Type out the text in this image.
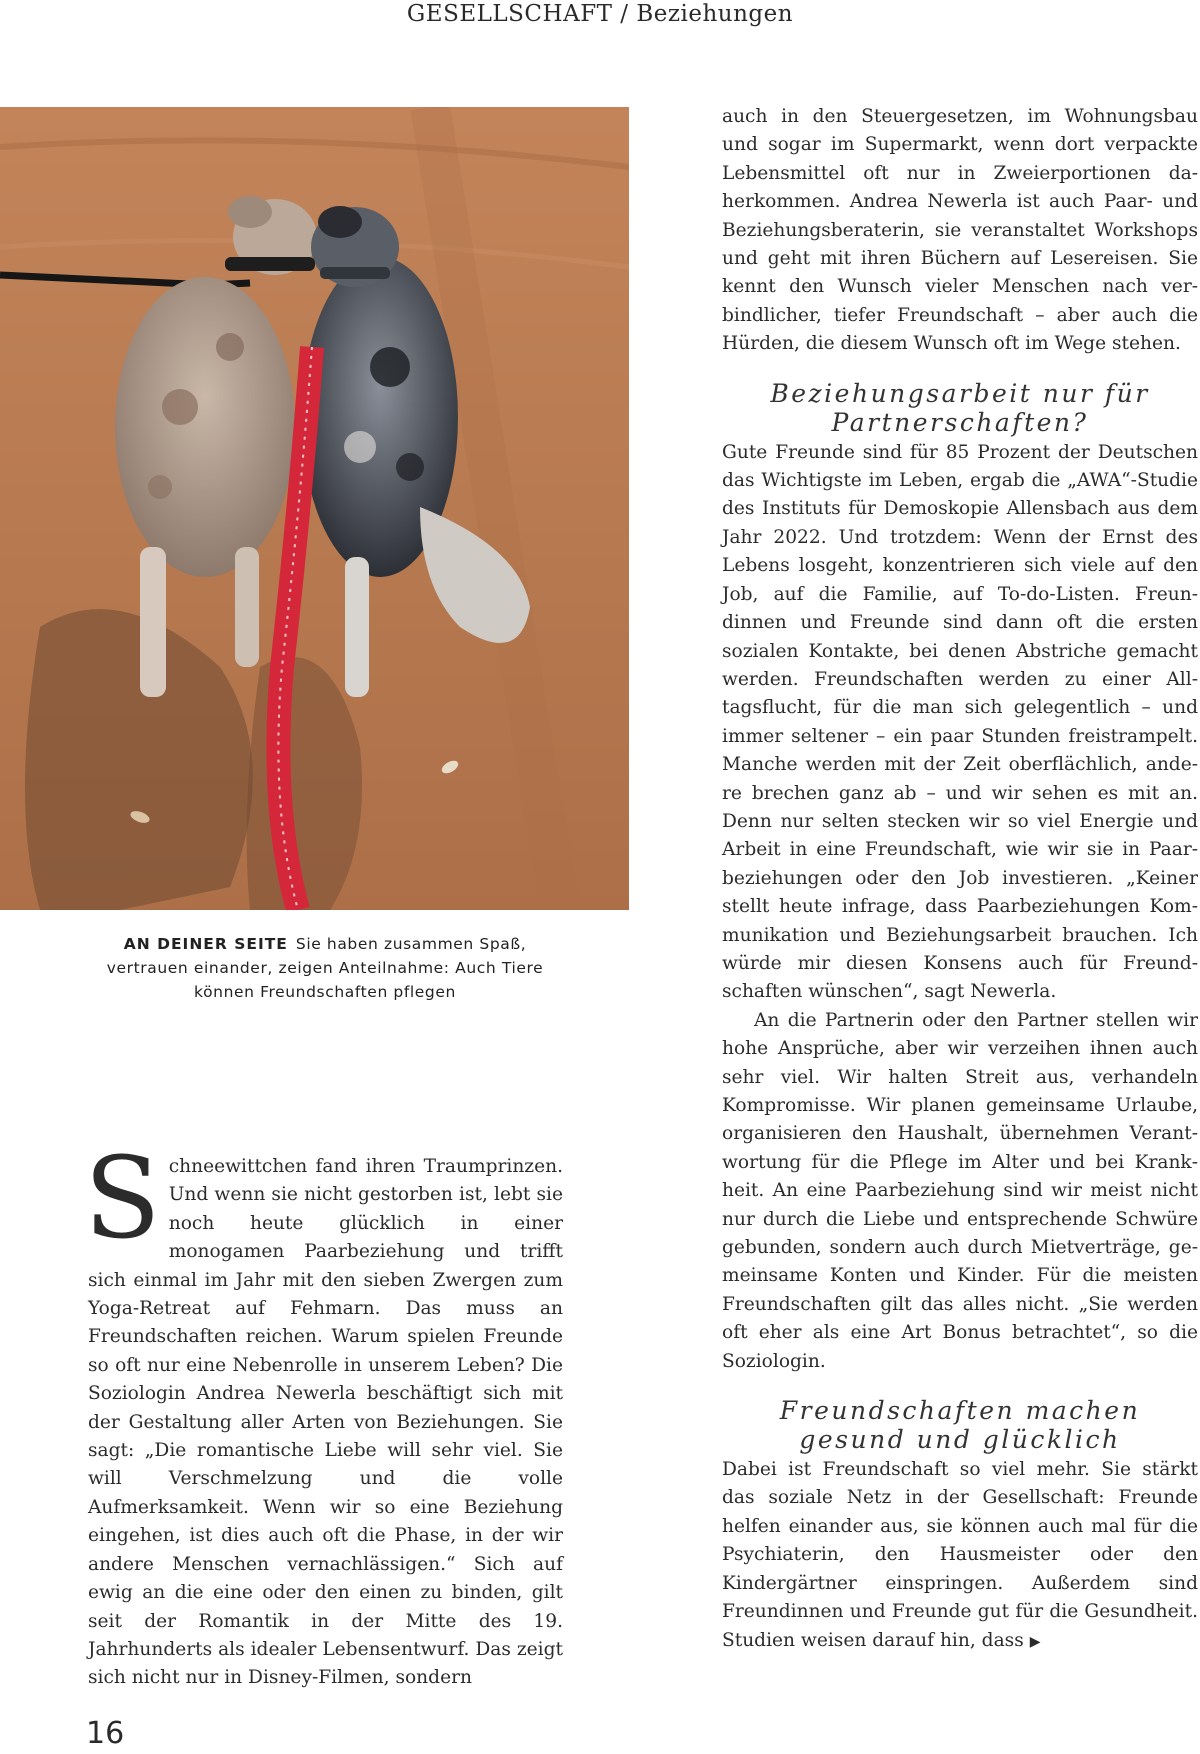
GESELLSCHAFT / Beziehungen
AN DEINER SEITE Sie haben zusammen Spaß, vertrauen einander, zeigen Anteilnahme: Auch Tiere können Freundschaften pflegen

Schneewittchen fand ihren Traumprinzen. Und wenn sie nicht gestorben ist, lebt sie noch heute glücklich in einer monogamen Paarbeziehung und trifft sich einmal im Jahr mit den sieben Zwergen zum Yoga-Retreat auf Fehmarn. Das muss an Freundschaften reichen. Warum spielen Freunde so oft nur eine Nebenrolle in unserem Leben? Die Soziologin Andrea Newerla beschäftigt sich mit der Gestaltung aller Arten von Beziehungen. Sie sagt: „Die romantische Liebe will sehr viel. Sie will Verschmelzung und die volle Aufmerksamkeit. Wenn wir so eine Beziehung eingehen, ist dies auch oft die Phase, in der wir andere Menschen vernachlässigen.“ Sich auf ewig an die eine oder den einen zu binden, gilt seit der Romantik in der Mitte des 19. Jahrhunderts als idealer Lebensentwurf. Das zeigt sich nicht nur in Disney-Filmen, sondern

auch in den Steuergesetzen, im Wohnungsbau und sogar im Supermarkt, wenn dort verpackte Lebensmittel oft nur in Zweierportionen daherkommen. Andrea Newerla ist auch Paar- und Beziehungsberaterin, sie veranstaltet Workshops und geht mit ihren Büchern auf Lesereisen. Sie kennt den Wunsch vieler Menschen nach verbindlicher, tiefer Freundschaft – aber auch die Hürden, die diesem Wunsch oft im Wege stehen.

Beziehungsarbeit nur für Partnerschaften?

Gute Freunde sind für 85 Prozent der Deutschen das Wichtigste im Leben, ergab die „AWA“-Studie des Instituts für Demoskopie Allensbach aus dem Jahr 2022. Und trotzdem: Wenn der Ernst des Lebens losgeht, konzentrieren sich viele auf den Job, auf die Familie, auf To-do-Listen. Freundinnen und Freunde sind dann oft die ersten sozialen Kontakte, bei denen Abstriche gemacht werden. Freundschaften werden zu einer Alltagsflucht, für die man sich gelegentlich – und immer seltener – ein paar Stunden freistrampelt. Manche werden mit der Zeit oberflächlich, andere brechen ganz ab – und wir sehen es mit an. Denn nur selten stecken wir so viel Energie und Arbeit in eine Freundschaft, wie wir sie in Paarbeziehungen oder den Job investieren. „Keiner stellt heute infrage, dass Paarbeziehungen Kommunikation und Beziehungsarbeit brauchen. Ich würde mir diesen Konsens auch für Freundschaften wünschen“, sagt Newerla.

An die Partnerin oder den Partner stellen wir hohe Ansprüche, aber wir verzeihen ihnen auch sehr viel. Wir halten Streit aus, verhandeln Kompromisse. Wir planen gemeinsame Urlaube, organisieren den Haushalt, übernehmen Verantwortung für die Pflege im Alter und bei Krankheit. An eine Paarbeziehung sind wir meist nicht nur durch die Liebe und entsprechende Schwüre gebunden, sondern auch durch Mietverträge, gemeinsame Konten und Kinder. Für die meisten Freundschaften gilt das alles nicht. „Sie werden oft eher als eine Art Bonus betrachtet“, so die Soziologin.

Freundschaften machen gesund und glücklich

Dabei ist Freundschaft so viel mehr. Sie stärkt das soziale Netz in der Gesellschaft: Freunde helfen einander aus, sie können auch mal für die Psychiaterin, den Hausmeister oder den Kindergärtner einspringen. Außerdem sind Freundinnen und Freunde gut für die Gesundheit. Studien weisen darauf hin, dass ▶

16
